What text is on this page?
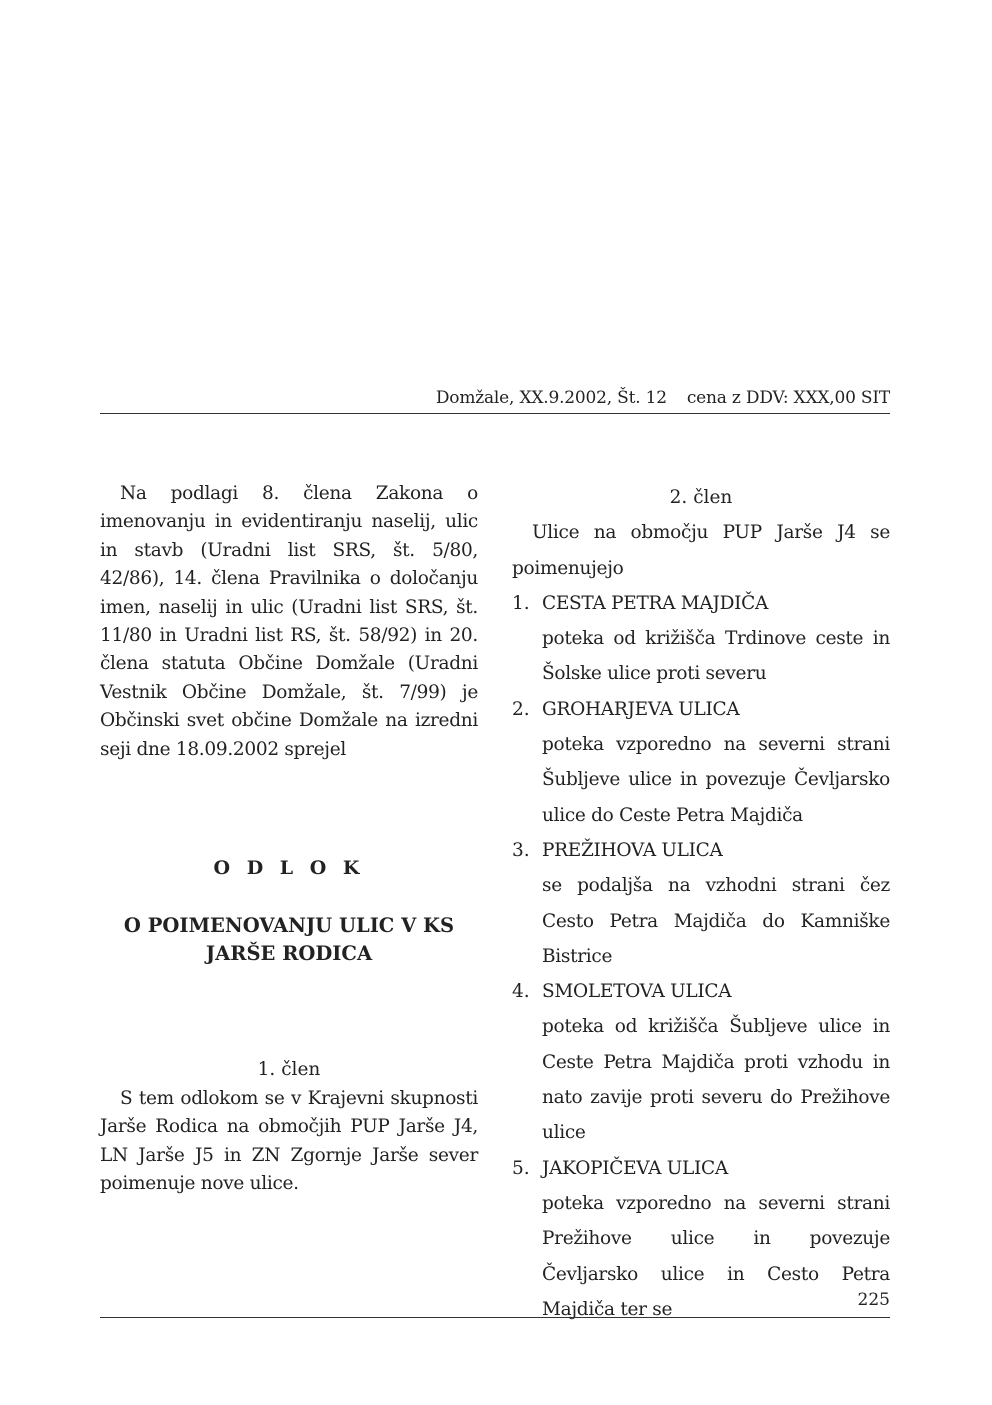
Domžale, XX.9.2002, Št. 12 cena z DDV: XXX,00 SIT

Na podlagi 8. člena Zakona o imenovanju in evidentiranju naselij, ulic in stavb (Uradni list SRS, št. 5/80, 42/86), 14. člena Pravilnika o določanju imen, naselij in ulic (Uradni list SRS, št. 11/80 in Uradni list RS, št. 58/92) in 20. člena statuta Občine Domžale (Uradni Vestnik Občine Domžale, št. 7/99) je Občinski svet občine Domžale na izredni seji dne 18.09.2002 sprejel

O D L O K
O POIMENOVANJU ULIC V KS
JARŠE RODICA
1. člen

S tem odlokom se v Krajevni skupnosti Jarše Rodica na območjih PUP Jarše J4, LN Jarše J5 in ZN Zgornje Jarše sever poimenuje nove ulice.

2. člen

Ulice na območju PUP Jarše J4 se poimenujejo

1. CESTA PETRA MAJDIČA
poteka od križišča Trdinove ceste in Šolske ulice proti severu
2. GROHARJEVA ULICA
poteka vzporedno na severni strani Šubljeve ulice in povezuje Čevljarsko ulice do Ceste Petra Majdiča
3. PREŽIHOVA ULICA
se podaljša na vzhodni strani čez Cesto Petra Majdiča do Kamniške Bistrice
4. SMOLETOVA ULICA
poteka od križišča Šubljeve ulice in Ceste Petra Majdiča proti vzhodu in nato zavije proti severu do Prežihove ulice
5. JAKOPIČEVA ULICA
poteka vzporedno na severni strani Prežihove ulice in povezuje Čevljarsko ulice in Cesto Petra Majdiča ter se	225
